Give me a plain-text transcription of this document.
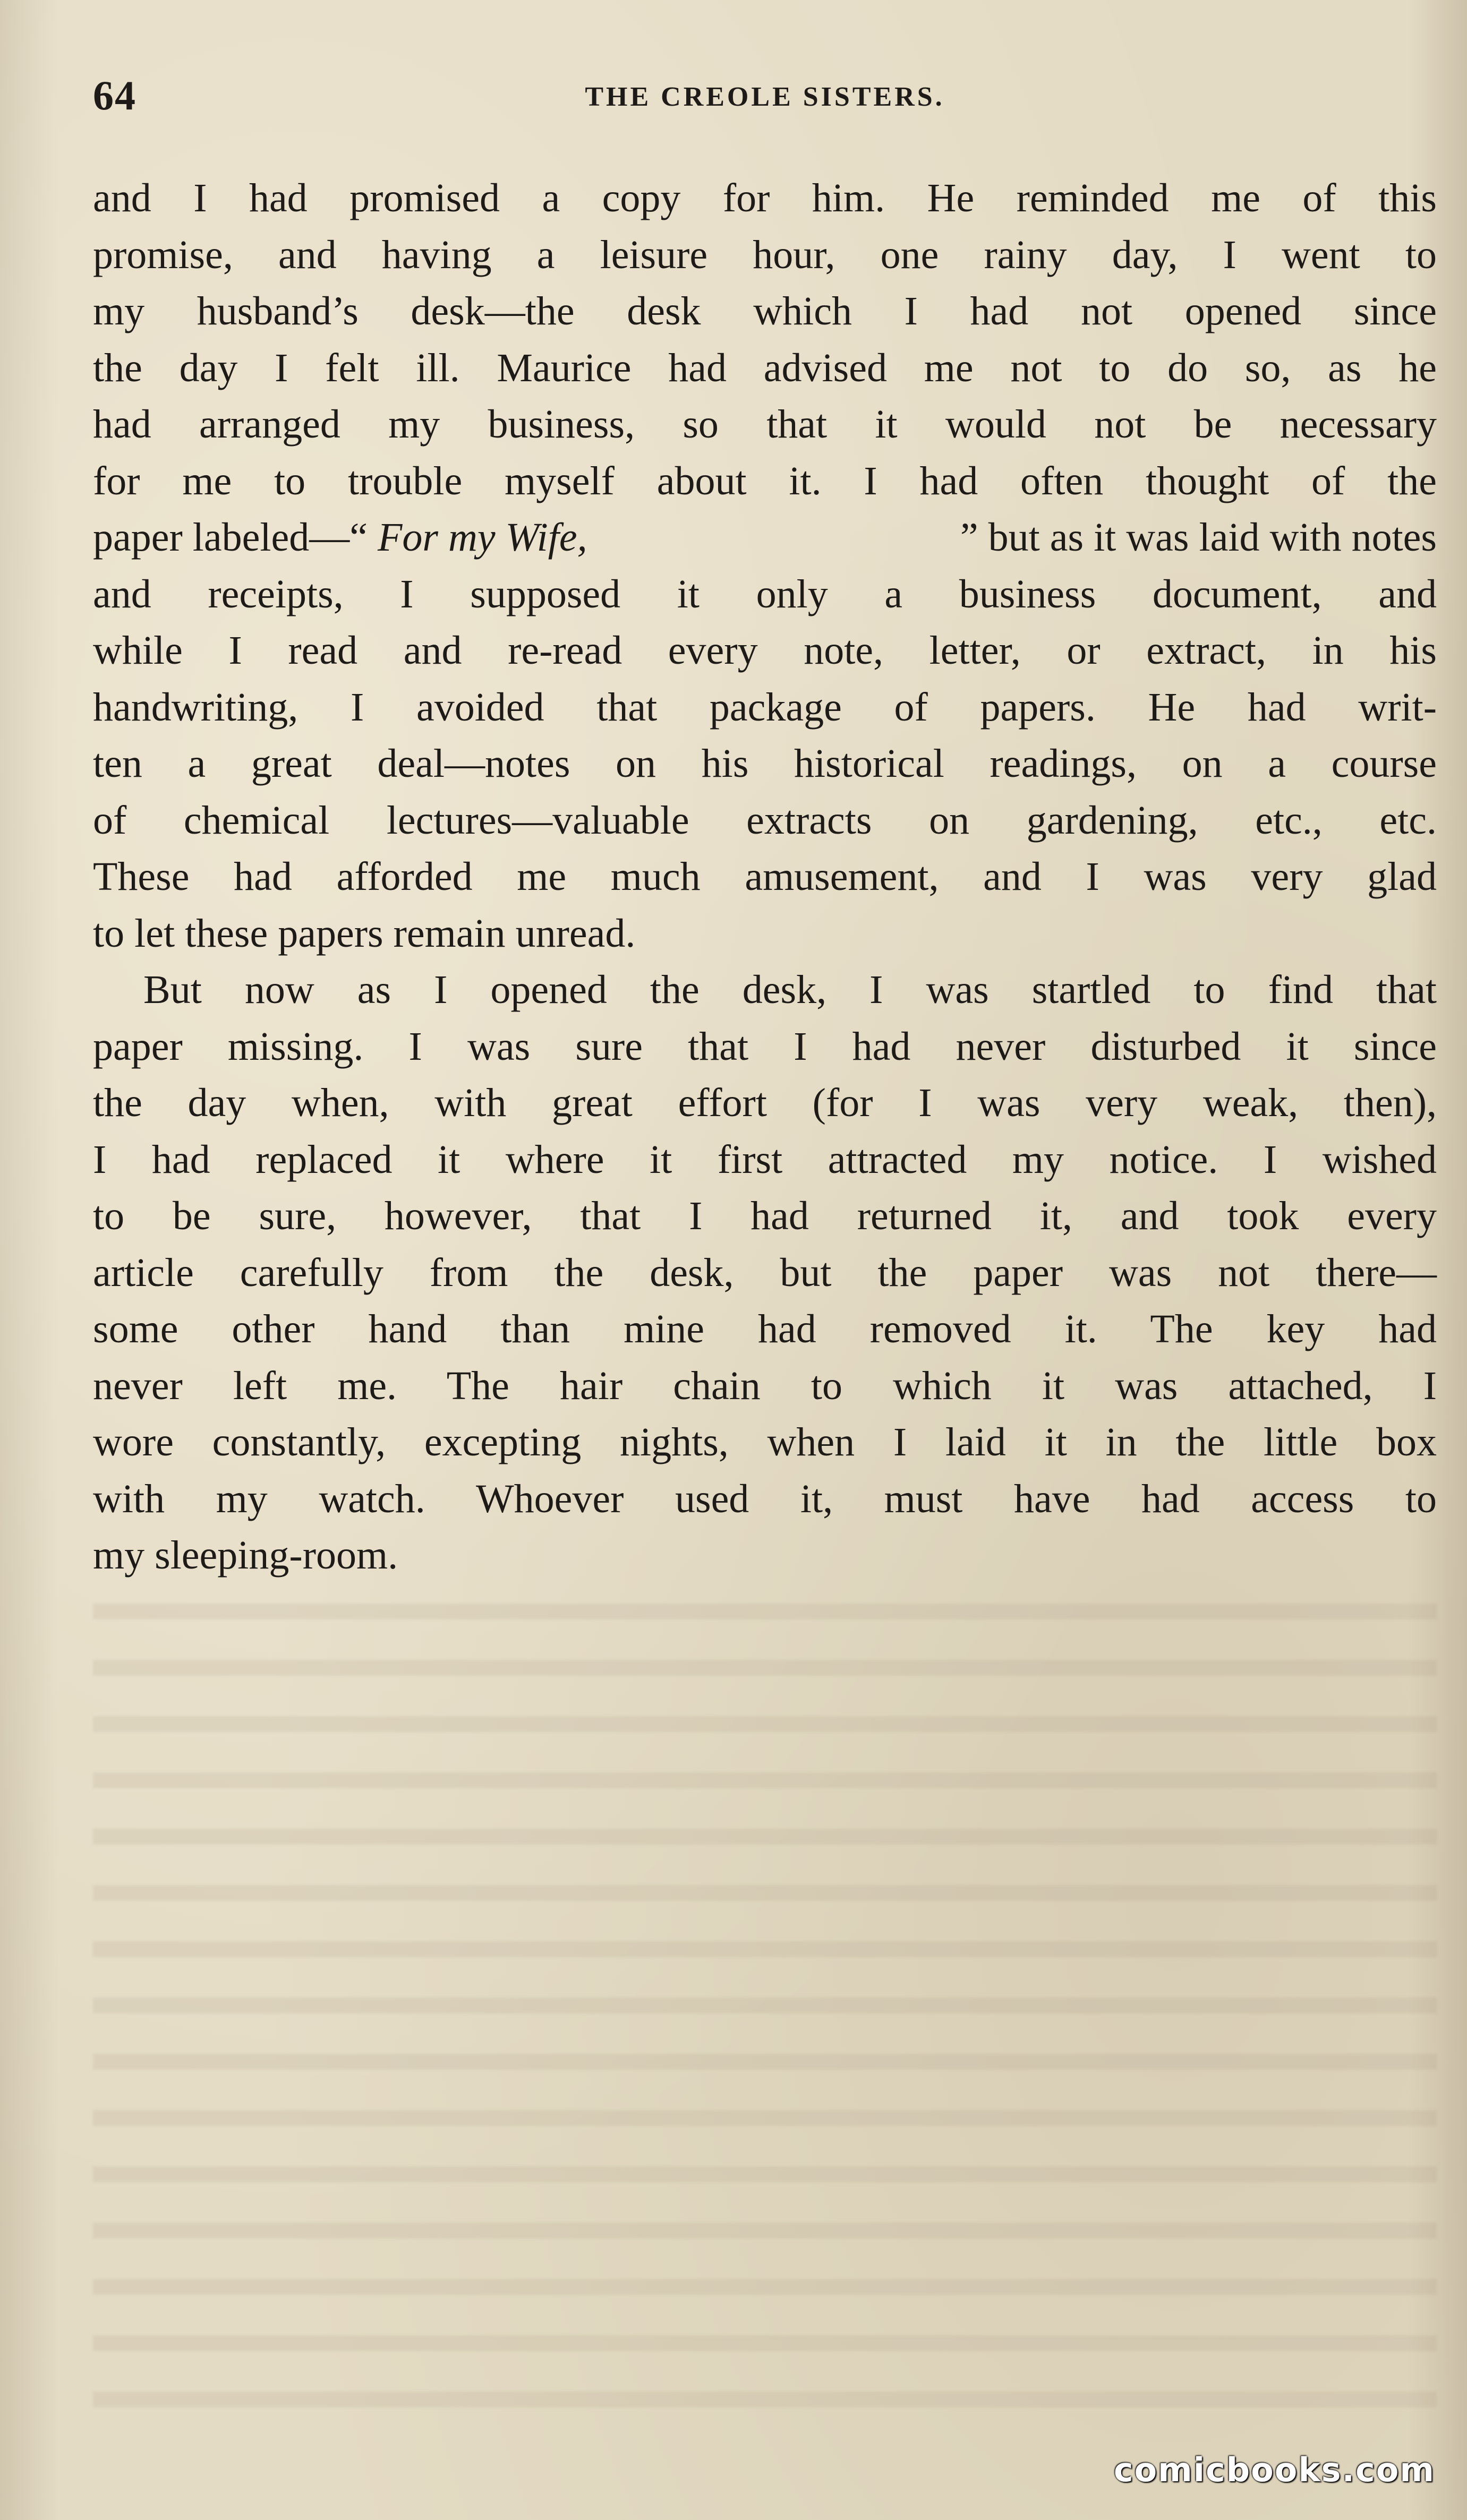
64	THE CREOLE SISTERS.

and I had promised a copy for him. He reminded me of this
promise, and having a leisure hour, one rainy day, I went to
my husband’s desk—the desk which I had not opened since
the day I felt ill. Maurice had advised me not to do so, as he
had arranged my business, so that it would not be necessary
for me to trouble myself about it. I had often thought of the
paper labeled—“ For my Wife,	” but as it was laid with notes
and receipts, I supposed it only a business document, and
while I read and re-read every note, letter, or extract, in his
handwriting, I avoided that package of papers. He had writ-
ten a great deal—notes on his historical readings, on a course
of chemical lectures—valuable extracts on gardening, etc., etc.
These had afforded me much amusement, and I was very glad
to let these papers remain unread.

But now as I opened the desk, I was startled to find that
paper missing. I was sure that I had never disturbed it since
the day when, with great effort (for I was very weak, then),
I had replaced it where it first attracted my notice. I wished
to be sure, however, that I had returned it, and took every
article carefully from the desk, but the paper was not there—
some other hand than mine had removed it. The key had
never left me. The hair chain to which it was attached, I
wore constantly, excepting nights, when I laid it in the little box
with my watch. Whoever used it, must have had access to
my sleeping-room.

comicbooks.com
